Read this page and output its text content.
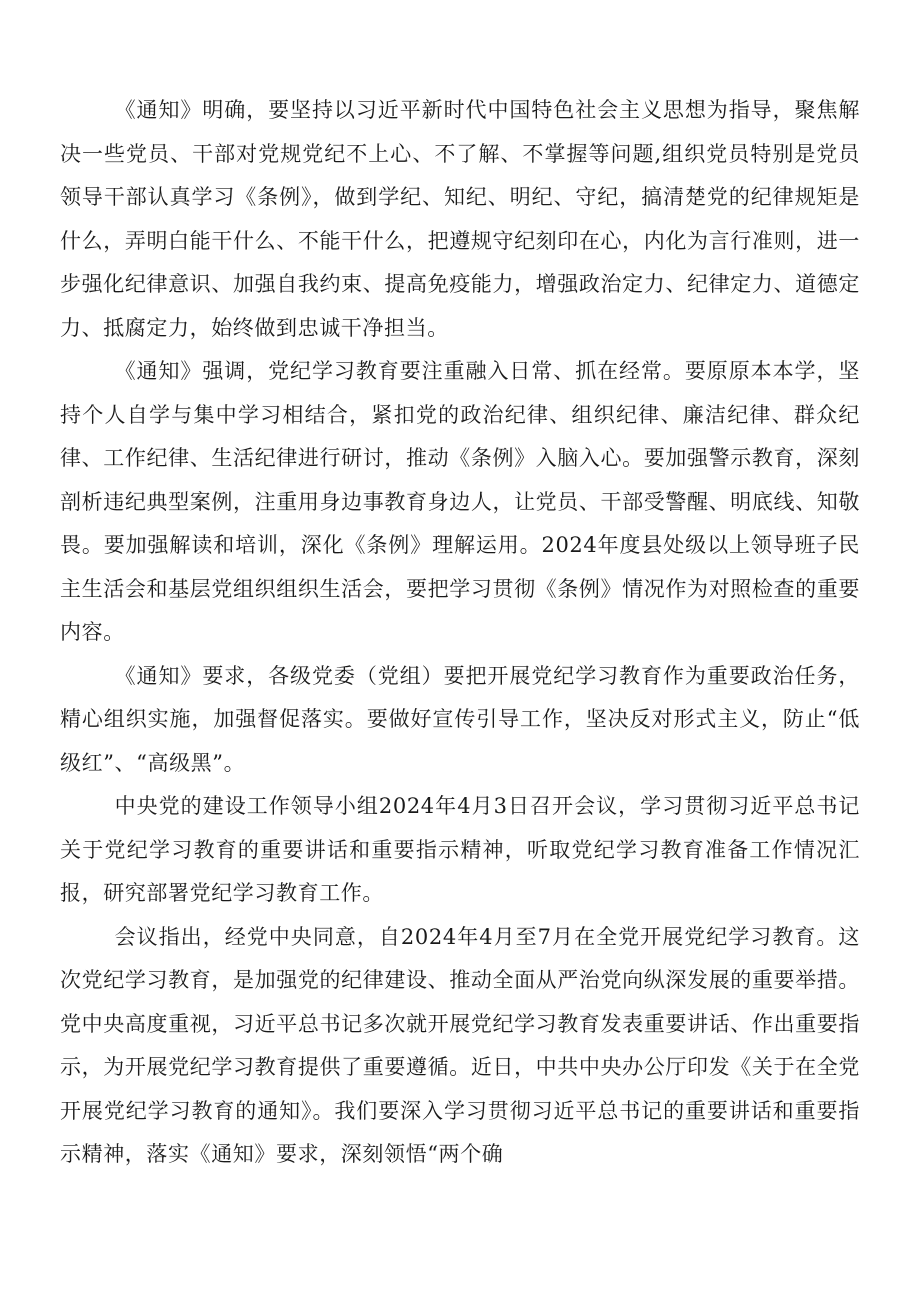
《通知》明确，要坚持以习近平新时代中国特色社会主义思想为指导，聚焦解决一些党员、干部对党规党纪不上心、不了解、不掌握等问题,组织党员特别是党员领导干部认真学习《条例》，做到学纪、知纪、明纪、守纪，搞清楚党的纪律规矩是什么，弄明白能干什么、不能干什么，把遵规守纪刻印在心，内化为言行准则，进一步强化纪律意识、加强自我约束、提高免疫能力，增强政治定力、纪律定力、道德定力、抵腐定力，始终做到忠诚干净担当。

《通知》强调，党纪学习教育要注重融入日常、抓在经常。要原原本本学，坚持个人自学与集中学习相结合，紧扣党的政治纪律、组织纪律、廉洁纪律、群众纪律、工作纪律、生活纪律进行研讨，推动《条例》入脑入心。要加强警示教育，深刻剖析违纪典型案例，注重用身边事教育身边人，让党员、干部受警醒、明底线、知敬畏。要加强解读和培训，深化《条例》理解运用。2024年度县处级以上领导班子民主生活会和基层党组织组织生活会，要把学习贯彻《条例》情况作为对照检查的重要内容。

《通知》要求，各级党委（党组）要把开展党纪学习教育作为重要政治任务，精心组织实施，加强督促落实。要做好宣传引导工作，坚决反对形式主义，防止“低级红”、“高级黑”。

中央党的建设工作领导小组2024年4月3日召开会议，学习贯彻习近平总书记关于党纪学习教育的重要讲话和重要指示精神，听取党纪学习教育准备工作情况汇报，研究部署党纪学习教育工作。

会议指出，经党中央同意，自2024年4月至7月在全党开展党纪学习教育。这次党纪学习教育，是加强党的纪律建设、推动全面从严治党向纵深发展的重要举措。党中央高度重视，习近平总书记多次就开展党纪学习教育发表重要讲话、作出重要指示，为开展党纪学习教育提供了重要遵循。近日，中共中央办公厅印发《关于在全党开展党纪学习教育的通知》。我们要深入学习贯彻习近平总书记的重要讲话和重要指示精神，落实《通知》要求，深刻领悟“两个确
